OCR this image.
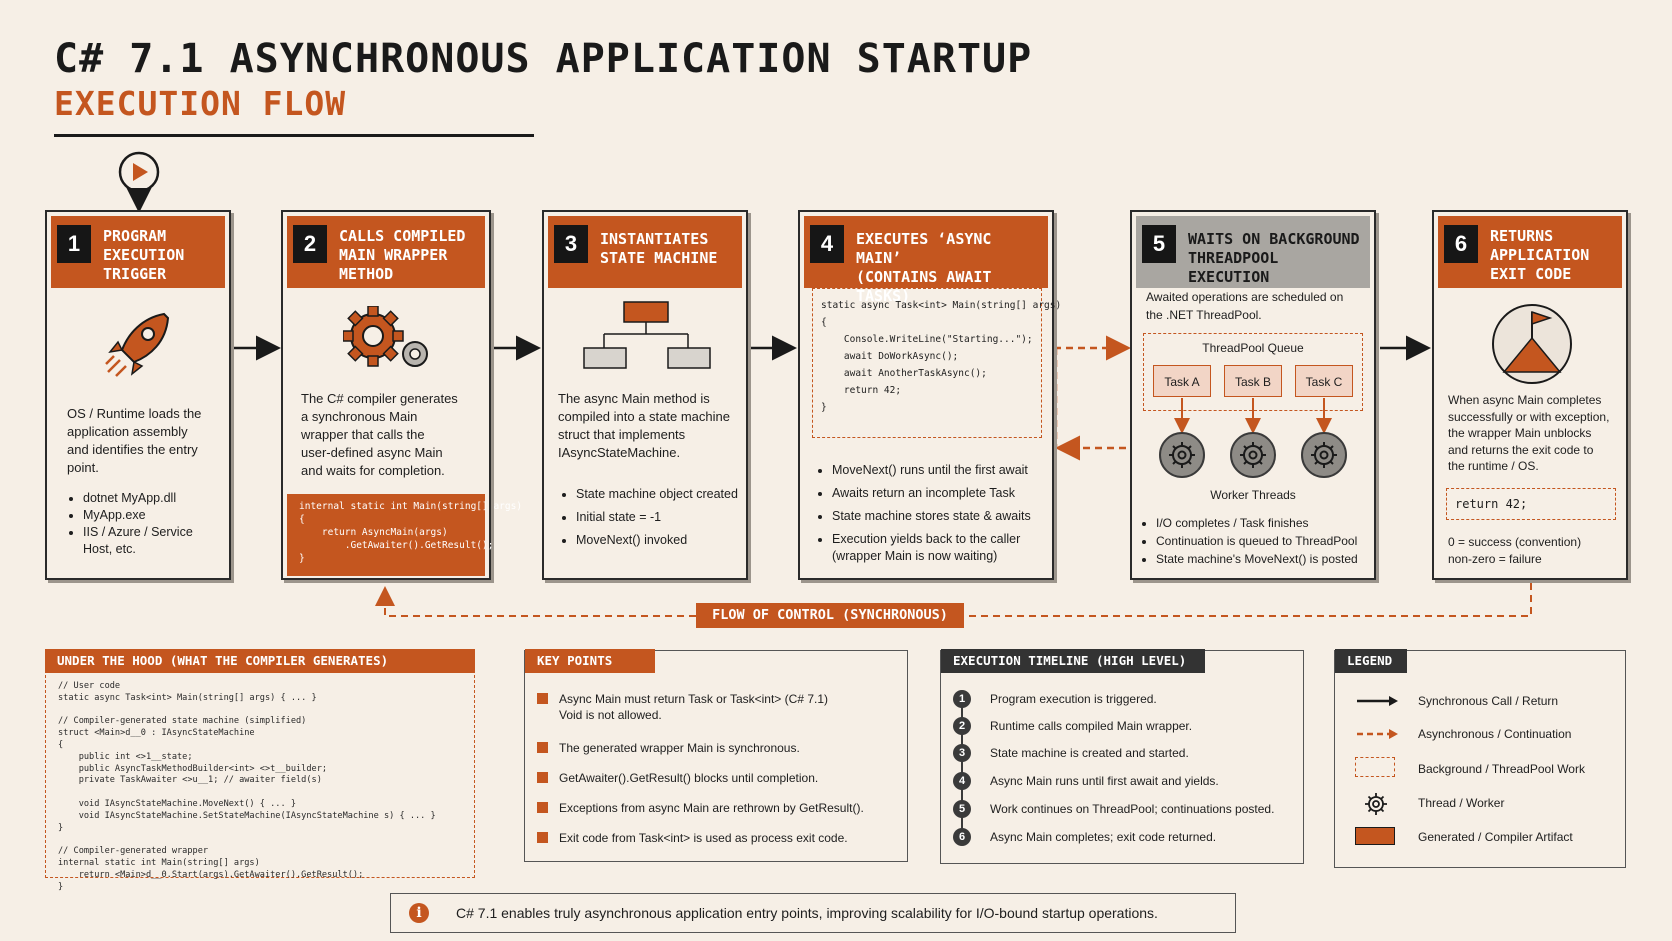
C# 7.1 ASYNCHRONOUS APPLICATION STARTUP
EXECUTION FLOW
1	PROGRAM
EXECUTION
TRIGGER
OS / Runtime loads the
application assembly
and identifies the entry
point.
• dotnet MyApp.dll
• MyApp.exe
• IIS / Azure / Service
Host, etc.
2	CALLS COMPILED
MAIN WRAPPER
METHOD
The C# compiler generates
a synchronous Main
wrapper that calls the
user-defined async Main
and waits for completion.
internal static int Main(string[] args)
{
return AsyncMain(args)
.GetAwaiter().GetResult();
}
3	INSTANTIATES
STATE MACHINE
The async Main method is
compiled into a state machine
struct that implements
IAsyncStateMachine.
• State machine object created
• Initial state = -1
• MoveNext() invoked
4	EXECUTES ‘ASYNC MAIN’
(CONTAINS AWAIT TASKS)
static async Task<int> Main(string[] args)
{
Console.WriteLine("Starting...");
await DoWorkAsync();
await AnotherTaskAsync();
return 42;
}
• MoveNext() runs until the first await
• Awaits return an incomplete Task
• State machine stores state & awaits
• Execution yields back to the caller
(wrapper Main is now waiting)
5	WAITS ON BACKGROUND
THREADPOOL EXECUTION
Awaited operations are scheduled on
the .NET ThreadPool.
ThreadPool Queue
Task A	Task B	Task C
Worker Threads
• I/O completes / Task finishes
• Continuation is queued to ThreadPool
• State machine's MoveNext() is posted
6	RETURNS
APPLICATION
EXIT CODE
When async Main completes
successfully or with exception,
the wrapper Main unblocks
and returns the exit code to
the runtime / OS.
return 42;
0 = success (convention)
non-zero = failure
FLOW OF CONTROL (SYNCHRONOUS)
UNDER THE HOOD (WHAT THE COMPILER GENERATES)
// User code
static async Task<int> Main(string[] args) { ... }

// Compiler-generated state machine (simplified)
struct <Main>d__0 : IAsyncStateMachine
{
public int <>1__state;
public AsyncTaskMethodBuilder<int> <>t__builder;
private TaskAwaiter <>u__1; // awaiter field(s)

void IAsyncStateMachine.MoveNext() { ... }
void IAsyncStateMachine.SetStateMachine(IAsyncStateMachine s) { ... }
}

// Compiler-generated wrapper
internal static int Main(string[] args)
return <Main>d__0.Start(args).GetAwaiter().GetResult();
}
KEY POINTS
Async Main must return Task or Task<int> (C# 7.1)
Void is not allowed.
The generated wrapper Main is synchronous.
GetAwaiter().GetResult() blocks until completion.
Exceptions from async Main are rethrown by GetResult().
Exit code from Task<int> is used as process exit code.
EXECUTION TIMELINE (HIGH LEVEL)
1	Program execution is triggered.
2	Runtime calls compiled Main wrapper.
3	State machine is created and started.
4	Async Main runs until first await and yields.
5	Work continues on ThreadPool; continuations posted.
6	Async Main completes; exit code returned.
LEGEND
Synchronous Call / Return
Asynchronous / Continuation
Background / ThreadPool Work
Thread / Worker
Generated / Compiler Artifact
i	C# 7.1 enables truly asynchronous application entry points, improving scalability for I/O-bound startup operations.
